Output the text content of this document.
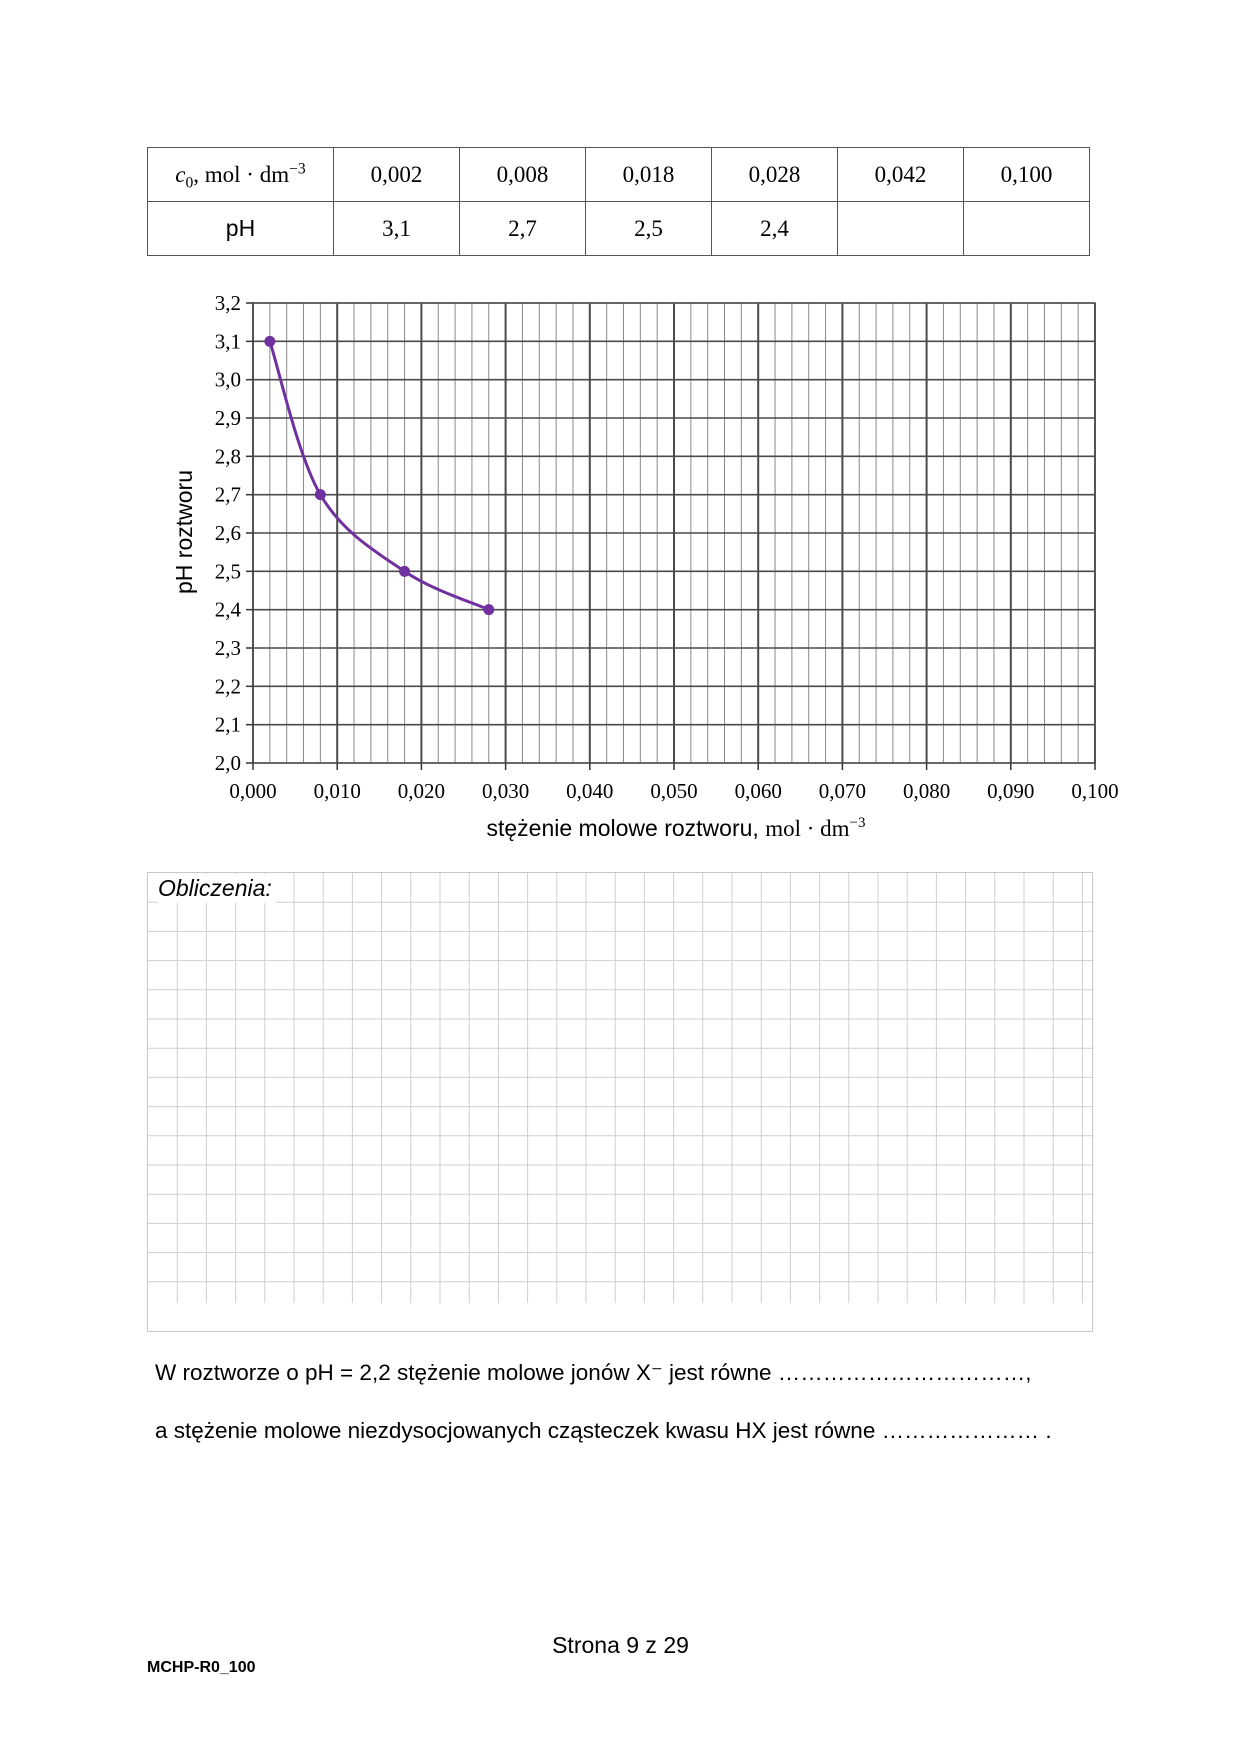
$c_0$, mol · $dm^{-3}$	0,002	0,008	0,018	0,028	0,042	0,100
pH	3,1	2,7	2,5	2,4		
0,000 0,010 0,020 0,030 0,040 0,050 0,060 0,070 0,080 0,090 0,100
2,0
2,1
2,2
2,3
2,4
2,5
2,6
2,7
2,8
2,9
3,0
3,1
3,2
pH roztworu
stężenie molowe roztworu, mol · $dm^{-3}$
Obliczenia:
W roztworze o pH = 2,2 stężenie molowe jonów X⁻ jest równe ……………………………,
a stężenie molowe niezdysocjowanych cząsteczek kwasu HX jest równe ………………… .
Strona 9 z 29
MCHP-R0_100
